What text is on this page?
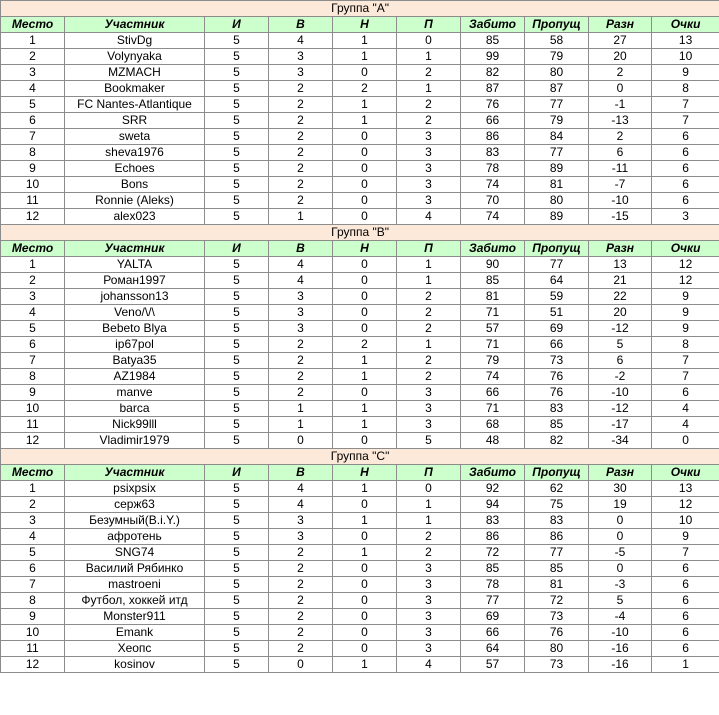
Группа "A"									
Место	Участник	И	В	Н	П	Забито	Пропущ	Разн	Очки
1	StivDg	5	4	1	0	85	58	27	13
2	Volynyaka	5	3	1	1	99	79	20	10
3	MZMACH	5	3	0	2	82	80	2	9
4	Bookmaker	5	2	2	1	87	87	0	8
5	FC Nantes-Atlantique	5	2	1	2	76	77	-1	7
6	SRR	5	2	1	2	66	79	-13	7
7	sweta	5	2	0	3	86	84	2	6
8	sheva1976	5	2	0	3	83	77	6	6
9	Echoes	5	2	0	3	78	89	-11	6
10	Bons	5	2	0	3	74	81	-7	6
11	Ronnie (Aleks)	5	2	0	3	70	80	-10	6
12	alex023	5	1	0	4	74	89	-15	3
Группа "B"									
Место	Участник	И	В	Н	П	Забито	Пропущ	Разн	Очки
1	YALTA	5	4	0	1	90	77	13	12
2	Роман1997	5	4	0	1	85	64	21	12
3	johansson13	5	3	0	2	81	59	22	9
4	Veno/\/\	5	3	0	2	71	51	20	9
5	Bebeto Blya	5	3	0	2	57	69	-12	9
6	ip67pol	5	2	2	1	71	66	5	8
7	Batya35	5	2	1	2	79	73	6	7
8	AZ1984	5	2	1	2	74	76	-2	7
9	manve	5	2	0	3	66	76	-10	6
10	barca	5	1	1	3	71	83	-12	4
11	Nick99lll	5	1	1	3	68	85	-17	4
12	Vladimir1979	5	0	0	5	48	82	-34	0
Группа "C"									
Место	Участник	И	В	Н	П	Забито	Пропущ	Разн	Очки
1	psixpsix	5	4	1	0	92	62	30	13
2	серж63	5	4	0	1	94	75	19	12
3	Безумный(B.i.Y.)	5	3	1	1	83	83	0	10
4	афротень	5	3	0	2	86	86	0	9
5	SNG74	5	2	1	2	72	77	-5	7
6	Василий Рябинко	5	2	0	3	85	85	0	6
7	mastroeni	5	2	0	3	78	81	-3	6
8	Футбол, хоккей итд	5	2	0	3	77	72	5	6
9	Monster911	5	2	0	3	69	73	-4	6
10	Emank	5	2	0	3	66	76	-10	6
11	Хеопс	5	2	0	3	64	80	-16	6
12	kosinov	5	0	1	4	57	73	-16	1
